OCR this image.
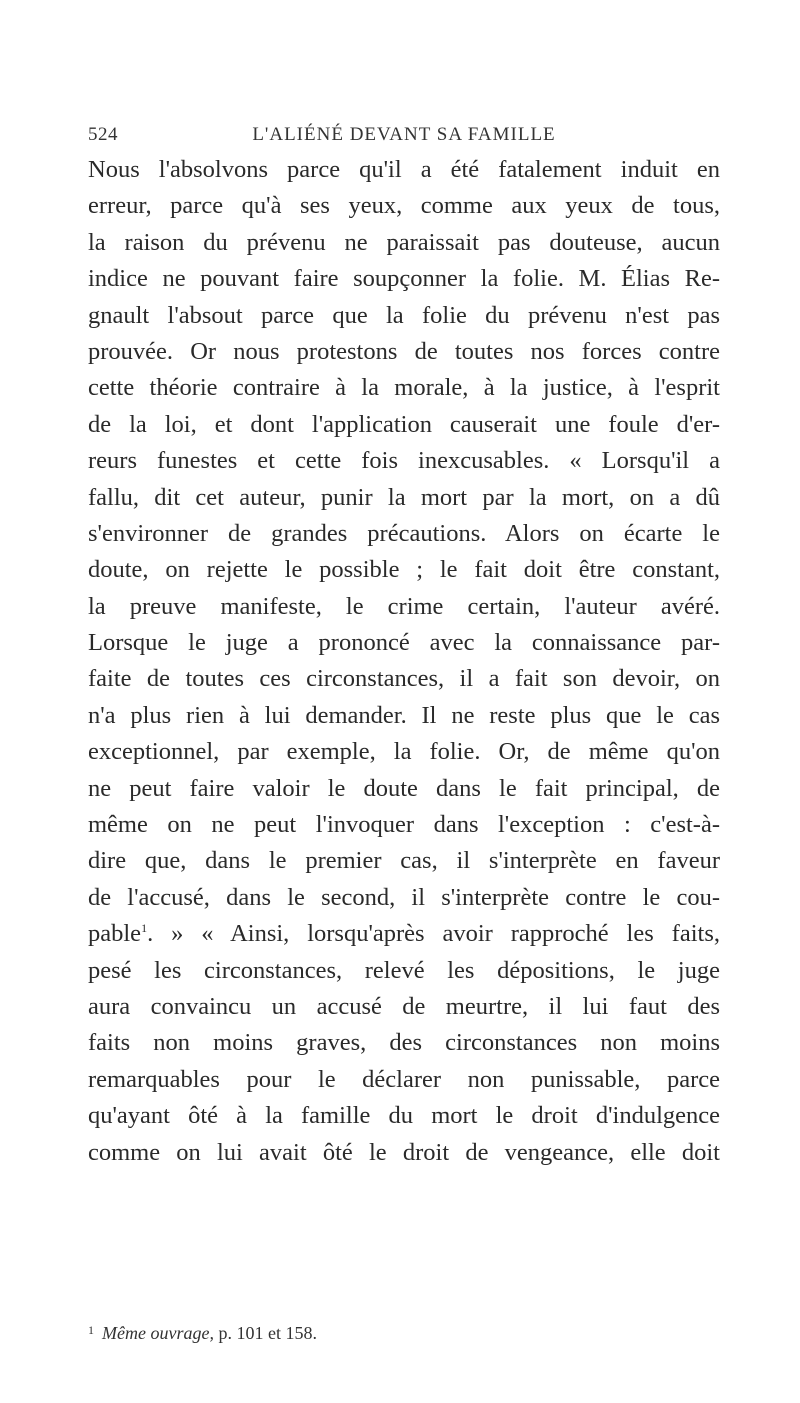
524	L'ALIÉNÉ DEVANT SA FAMILLE
Nous l'absolvons parce qu'il a été fatalement induit en
erreur, parce qu'à ses yeux, comme aux yeux de tous,
la raison du prévenu ne paraissait pas douteuse, aucun
indice ne pouvant faire soupçonner la folie. M. Élias Re-
gnault l'absout parce que la folie du prévenu n'est pas
prouvée. Or nous protestons de toutes nos forces contre
cette théorie contraire à la morale, à la justice, à l'esprit
de la loi, et dont l'application causerait une foule d'er-
reurs funestes et cette fois inexcusables. « Lorsqu'il a
fallu, dit cet auteur, punir la mort par la mort, on a dû
s'environner de grandes précautions. Alors on écarte le
doute, on rejette le possible ; le fait doit être constant,
la preuve manifeste, le crime certain, l'auteur avéré.
Lorsque le juge a prononcé avec la connaissance par-
faite de toutes ces circonstances, il a fait son devoir, on
n'a plus rien à lui demander. Il ne reste plus que le cas
exceptionnel, par exemple, la folie. Or, de même qu'on
ne peut faire valoir le doute dans le fait principal, de
même on ne peut l'invoquer dans l'exception : c'est-à-
dire que, dans le premier cas, il s'interprète en faveur
de l'accusé, dans le second, il s'interprète contre le cou-
pable$^1$. » « Ainsi, lorsqu'après avoir rapproché les faits,
pesé les circonstances, relevé les dépositions, le juge
aura convaincu un accusé de meurtre, il lui faut des
faits non moins graves, des circonstances non moins
remarquables pour le déclarer non punissable, parce
qu'ayant ôté à la famille du mort le droit d'indulgence
comme on lui avait ôté le droit de vengeance, elle doit
$^1$ Même ouvrage, p. 101 et 158.
